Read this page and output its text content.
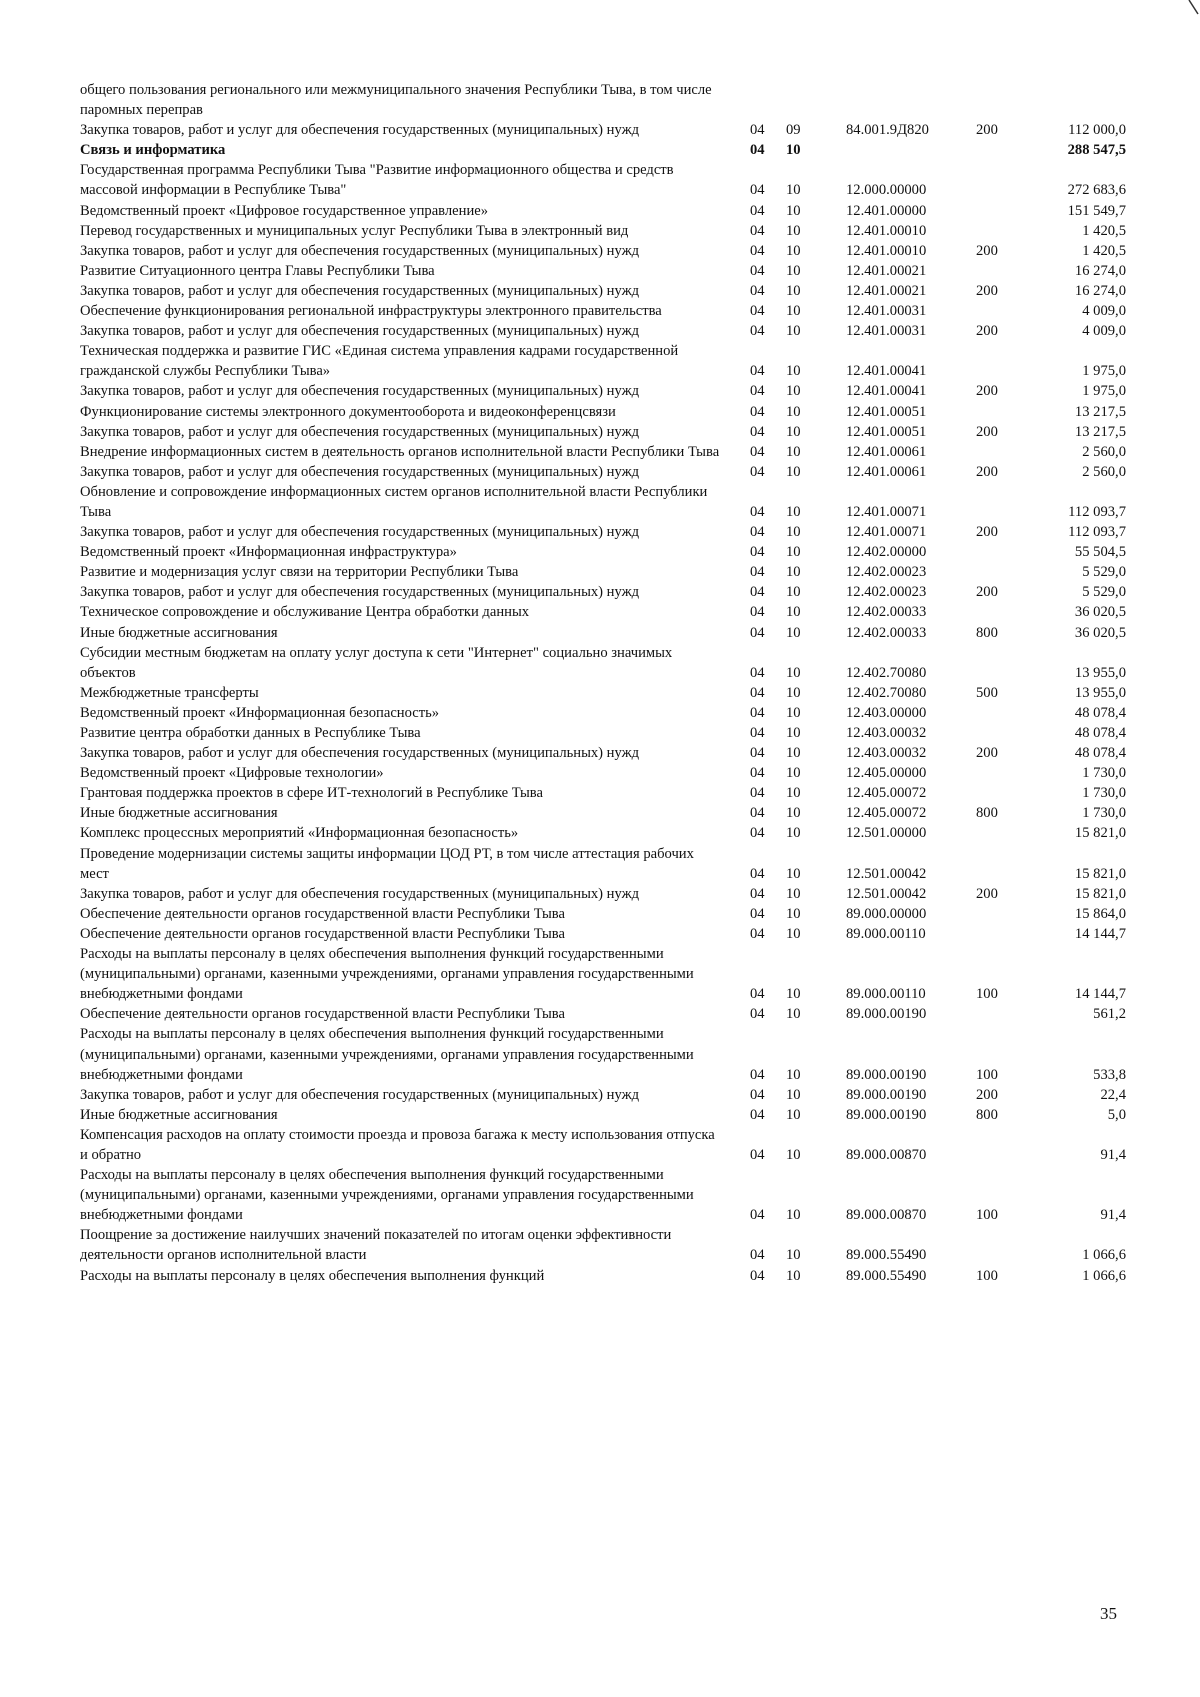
общего пользования регионального или межмуниципального значения Республики Тыва, в том числе паромных переправ
Закупка товаров, работ и услуг для обеспечения государственных (муниципальных) нужд	04	09	84.001.9Д820	200	112 000,0
Связь и информатика	04	10	288 547,5
Государственная программа Республики Тыва "Развитие информационного общества и средств массовой информации в Республике Тыва"	04	10	12.000.00000	272 683,6
Ведомственный проект «Цифровое государственное управление»	04	10	12.401.00000	151 549,7
Перевод государственных и муниципальных услуг Республики Тыва в электронный вид	04	10	12.401.00010	1 420,5
Закупка товаров, работ и услуг для обеспечения государственных (муниципальных) нужд	04	10	12.401.00010	200	1 420,5
Развитие Ситуационного центра Главы Республики Тыва	04	10	12.401.00021	16 274,0
Закупка товаров, работ и услуг для обеспечения государственных (муниципальных) нужд	04	10	12.401.00021	200	16 274,0
Обеспечение функционирования региональной инфраструктуры электронного правительства	04	10	12.401.00031	4 009,0
Закупка товаров, работ и услуг для обеспечения государственных (муниципальных) нужд	04	10	12.401.00031	200	4 009,0
Техническая поддержка и развитие ГИС «Единая система управления кадрами государственной гражданской службы Республики Тыва»	04	10	12.401.00041	1 975,0
Закупка товаров, работ и услуг для обеспечения государственных (муниципальных) нужд	04	10	12.401.00041	200	1 975,0
Функционирование системы электронного документооборота и видеоконференцсвязи	04	10	12.401.00051	13 217,5
Закупка товаров, работ и услуг для обеспечения государственных (муниципальных) нужд	04	10	12.401.00051	200	13 217,5
Внедрение информационных систем в деятельность органов исполнительной власти Республики Тыва 04	10	12.401.00061	2 560,0
Закупка товаров, работ и услуг для обеспечения государственных (муниципальных) нужд	04	10	12.401.00061	200	2 560,0
Обновление и сопровождение информационных систем органов исполнительной власти Республики Тыва	04	10	12.401.00071	112 093,7
Закупка товаров, работ и услуг для обеспечения государственных (муниципальных) нужд	04	10	12.401.00071	200	112 093,7
Ведомственный проект «Информационная инфраструктура»	04	10	12.402.00000	55 504,5
Развитие и модернизация услуг связи на территории Республики Тыва	04	10	12.402.00023	5 529,0
Закупка товаров, работ и услуг для обеспечения государственных (муниципальных) нужд	04	10	12.402.00023	200	5 529,0
Техническое сопровождение и обслуживание Центра обработки данных	04	10	12.402.00033	36 020,5
Иные бюджетные ассигнования	04	10	12.402.00033	800	36 020,5
Субсидии местным бюджетам на оплату услуг доступа к сети "Интернет" социально значимых объектов	04	10	12.402.70080	13 955,0
Межбюджетные трансферты	04	10	12.402.70080	500	13 955,0
Ведомственный проект «Информационная безопасность»	04	10	12.403.00000	48 078,4
Развитие центра обработки данных в Республике Тыва	04	10	12.403.00032	48 078,4
Закупка товаров, работ и услуг для обеспечения государственных (муниципальных) нужд	04	10	12.403.00032	200	48 078,4
Ведомственный проект «Цифровые технологии»	04	10	12.405.00000	1 730,0
Грантовая поддержка проектов в сфере ИТ-технологий в Республике Тыва	04	10	12.405.00072	1 730,0
Иные бюджетные ассигнования	04	10	12.405.00072	800	1 730,0
Комплекс процессных мероприятий «Информационная безопасность»	04	10	12.501.00000	15 821,0
Проведение модернизации системы защиты информации ЦОД РТ, в том числе аттестация рабочих мест	04	10	12.501.00042	15 821,0
Закупка товаров, работ и услуг для обеспечения государственных (муниципальных) нужд	04	10	12.501.00042	200	15 821,0
Обеспечение деятельности органов государственной власти Республики Тыва	04	10	89.000.00000	15 864,0
Обеспечение деятельности органов государственной власти Республики Тыва	04	10	89.000.00110	14 144,7
Расходы на выплаты персоналу в целях обеспечения выполнения функций государственными (муниципальными) органами, казенными учреждениями, органами управления государственными внебюджетными фондами	04	10	89.000.00110	100	14 144,7
Обеспечение деятельности органов государственной власти Республики Тыва	04	10	89.000.00190	561,2
Расходы на выплаты персоналу в целях обеспечения выполнения функций государственными (муниципальными) органами, казенными учреждениями, органами управления государственными внебюджетными фондами	04	10	89.000.00190	100	533,8
Закупка товаров, работ и услуг для обеспечения государственных (муниципальных) нужд	04	10	89.000.00190	200	22,4
Иные бюджетные ассигнования	04	10	89.000.00190	800	5,0
Компенсация расходов на оплату стоимости проезда и провоза багажа к месту использования отпуска и обратно	04	10	89.000.00870	91,4
Расходы на выплаты персоналу в целях обеспечения выполнения функций государственными (муниципальными) органами, казенными учреждениями, органами управления государственными внебюджетными фондами	04	10	89.000.00870	100	91,4
Поощрение за достижение наилучших значений показателей по итогам оценки эффективности деятельности органов исполнительной власти	04	10	89.000.55490	1 066,6
Расходы на выплаты персоналу в целях обеспечения выполнения функций	04	10	89.000.55490	100	1 066,6
35
